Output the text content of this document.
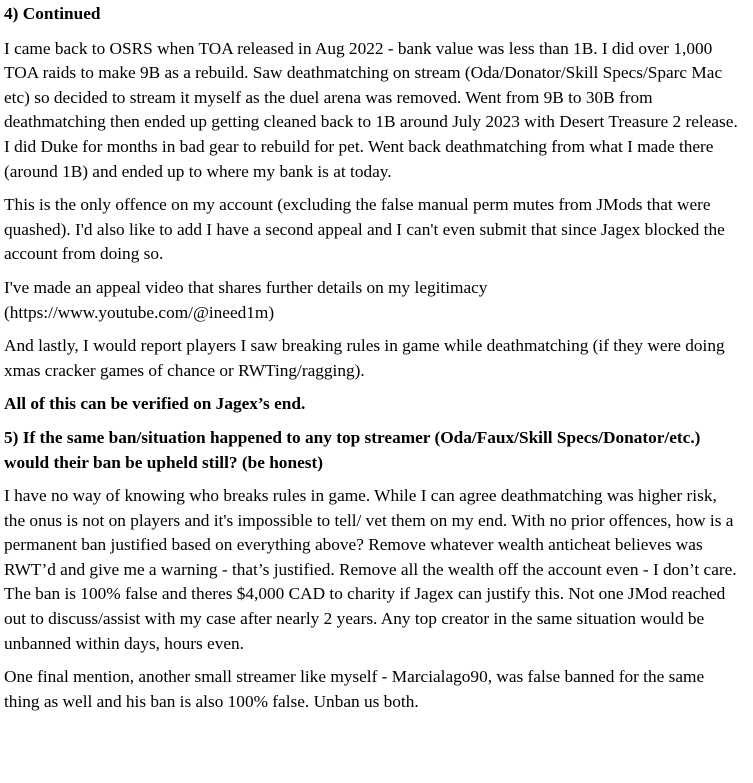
4) Continued

I came back to OSRS when TOA released in Aug 2022 - bank value was less than 1B. I did over 1,000 TOA raids to make 9B as a rebuild. Saw deathmatching on stream (Oda/Donator/Skill Specs/Sparc Mac etc) so decided to stream it myself as the duel arena was removed. Went from 9B to 30B from deathmatching then ended up getting cleaned back to 1B around July 2023 with Desert Treasure 2 release. I did Duke for months in bad gear to rebuild for pet. Went back deathmatching from what I made there (around 1B) and ended up to where my bank is at today.

This is the only offence on my account (excluding the false manual perm mutes from JMods that were quashed). I'd also like to add I have a second appeal and I can't even submit that since Jagex blocked the account from doing so.

I've made an appeal video that shares further details on my legitimacy (https://www.youtube.com/@ineed1m)

And lastly, I would report players I saw breaking rules in game while deathmatching (if they were doing xmas cracker games of chance or RWTing/ragging).

All of this can be verified on Jagex’s end.

5) If the same ban/situation happened to any top streamer (Oda/Faux/Skill Specs/Donator/etc.) would their ban be upheld still? (be honest)

I have no way of knowing who breaks rules in game. While I can agree deathmatching was higher risk, the onus is not on players and it's impossible to tell/ vet them on my end. With no prior offences, how is a permanent ban justified based on everything above? Remove whatever wealth anticheat believes was RWT’d and give me a warning - that’s justified. Remove all the wealth off the account even - I don’t care. The ban is 100% false and theres $4,000 CAD to charity if Jagex can justify this. Not one JMod reached out to discuss/assist with my case after nearly 2 years. Any top creator in the same situation would be unbanned within days, hours even.

One final mention, another small streamer like myself - Marcialago90, was false banned for the same thing as well and his ban is also 100% false. Unban us both.
